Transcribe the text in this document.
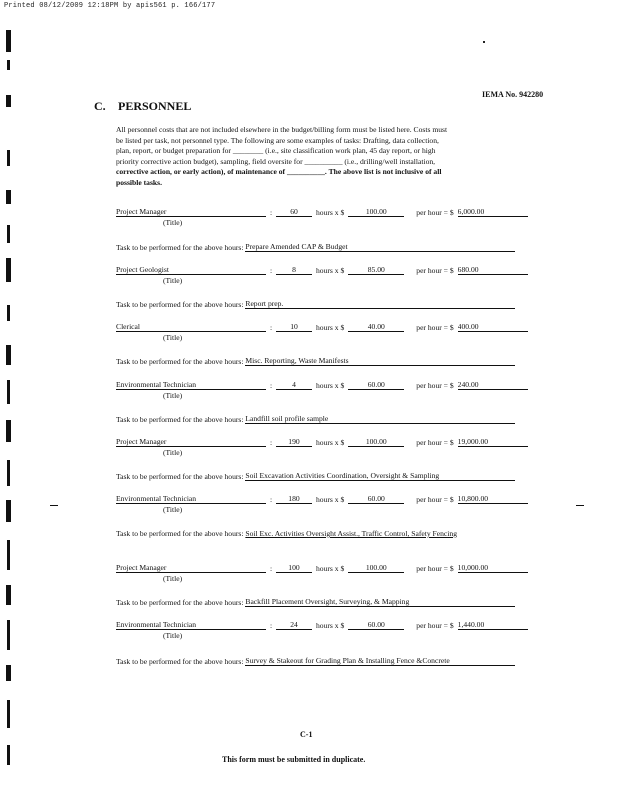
Printed 08/12/2009 12:18PM by apis561 p. 166/177
IEMA No. 942280
C. PERSONNEL
All personnel costs that are not included elsewhere in the budget/billing form must be listed here. Costs must
be listed per task, not personnel type. The following are some examples of tasks: Drafting, data collection,
plan, report, or budget preparation for ________ (i.e., site classification work plan, 45 day report, or high
priority corrective action budget), sampling, field oversite for __________ (i.e., drilling/well installation,
corrective action, or early action), of maintenance of __________. The above list is not inclusive of all
possible tasks.
Project Manager	: 60 hours x $	100.00	per hour = $ 6,000.00
(Title)
Task to be performed for the above hours: Prepare Amended CAP & Budget
Project Geologist	:	8	hours x $	85.00	per hour = $ 680.00
(Title)
Task to be performed for the above hours: Report prep.
Clerical	: 10 hours x $	40.00	per hour = $ 400.00
(Title)
Task to be performed for the above hours: Misc. Reporting, Waste Manifests
Environmental Technician	:	4	hours x $	60.00	per hour = $ 240.00
(Title)
Task to be performed for the above hours: Landfill soil profile sample
Project Manager	: 190 hours x $	100.00	per hour = $ 19,000.00
(Title)
Task to be performed for the above hours: Soil Excavation Activities Coordination, Oversight & Sampling
Environmental Technician	: 180 hours x $	60.00	per hour = $ 10,800.00
(Title)
Task to be performed for the above hours: Soil Exc. Activities Oversight Assist., Traffic Control, Safety Fencing
Project Manager	: 100 hours x $	100.00	per hour = $ 10,000.00
(Title)
Task to be performed for the above hours: Backfill Placement Oversight, Surveying, & Mapping
Environmental Technician	: 24 hours x $	60.00	per hour = $ 1,440.00
(Title)
Task to be performed for the above hours: Survey & Stakeout for Grading Plan & Installing Fence &Concrete
C-1
This form must be submitted in duplicate.
